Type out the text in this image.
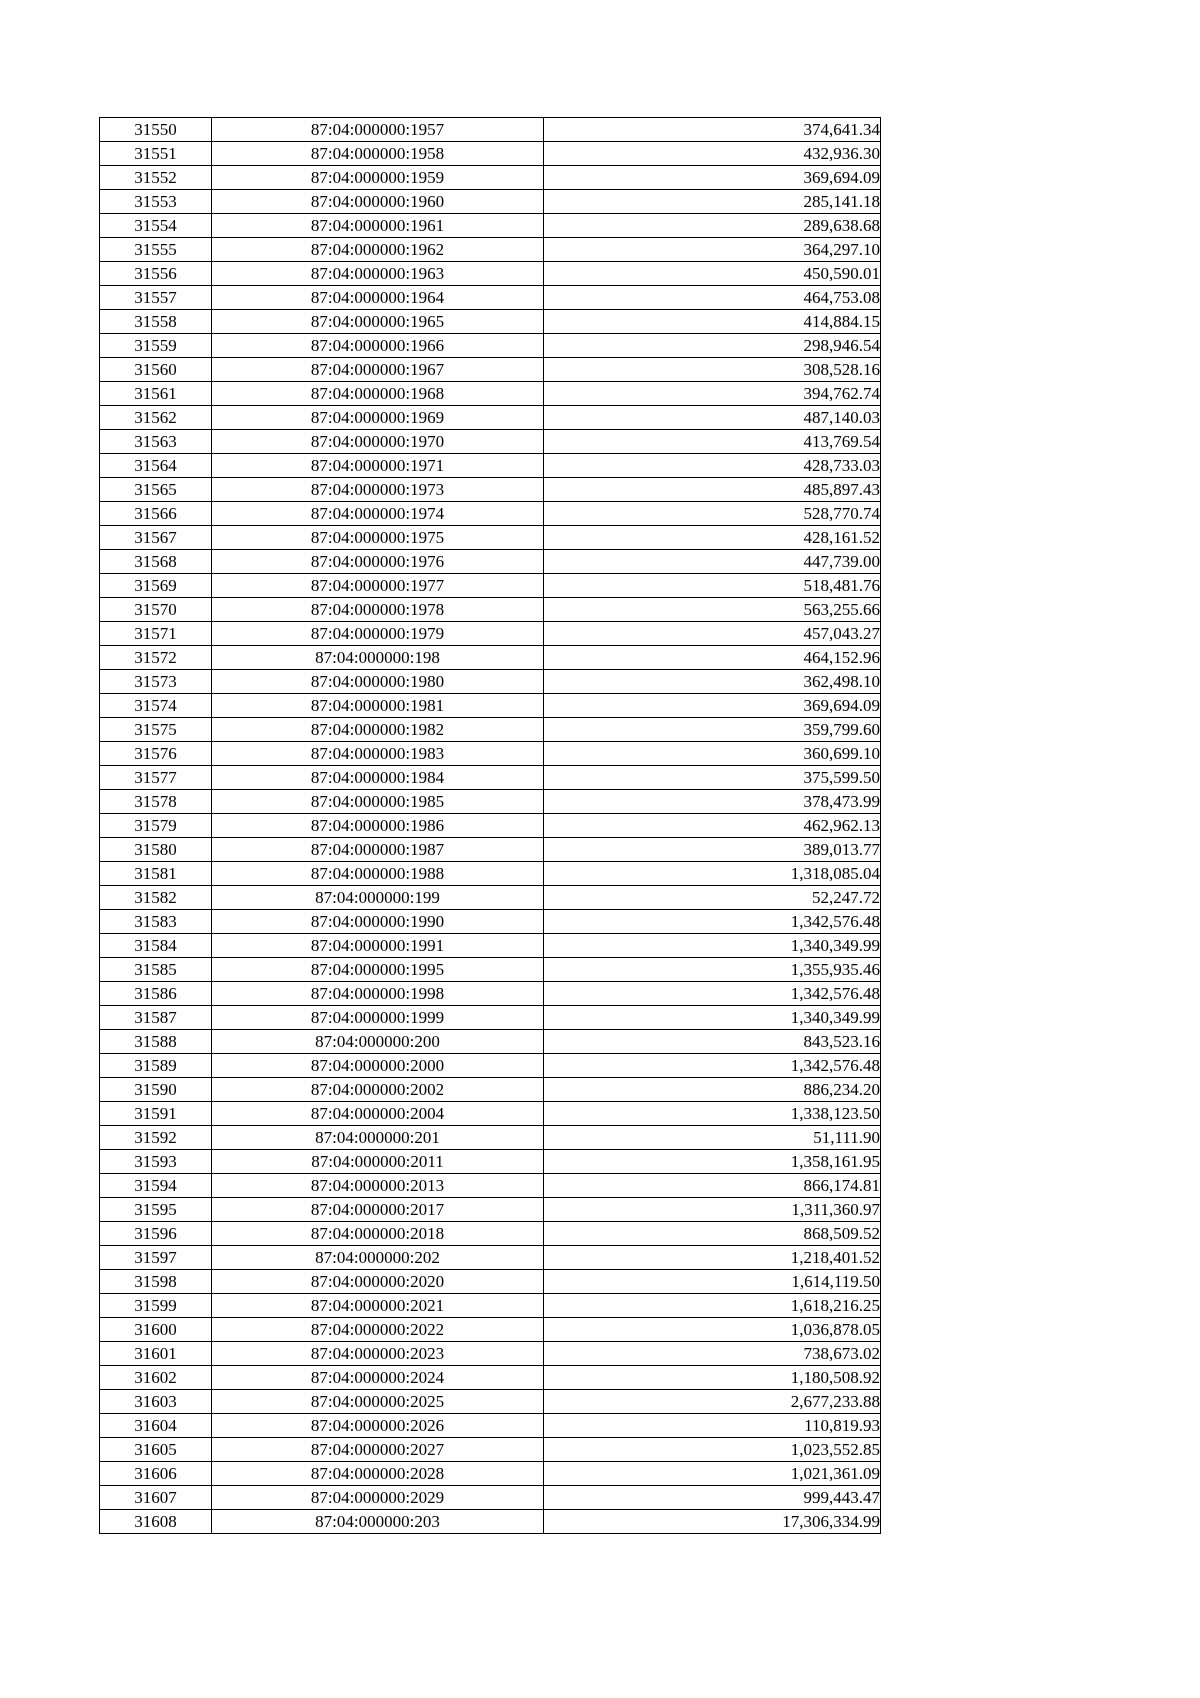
31550	87:04:000000:1957	374,641.34
31551	87:04:000000:1958	432,936.30
31552	87:04:000000:1959	369,694.09
31553	87:04:000000:1960	285,141.18
31554	87:04:000000:1961	289,638.68
31555	87:04:000000:1962	364,297.10
31556	87:04:000000:1963	450,590.01
31557	87:04:000000:1964	464,753.08
31558	87:04:000000:1965	414,884.15
31559	87:04:000000:1966	298,946.54
31560	87:04:000000:1967	308,528.16
31561	87:04:000000:1968	394,762.74
31562	87:04:000000:1969	487,140.03
31563	87:04:000000:1970	413,769.54
31564	87:04:000000:1971	428,733.03
31565	87:04:000000:1973	485,897.43
31566	87:04:000000:1974	528,770.74
31567	87:04:000000:1975	428,161.52
31568	87:04:000000:1976	447,739.00
31569	87:04:000000:1977	518,481.76
31570	87:04:000000:1978	563,255.66
31571	87:04:000000:1979	457,043.27
31572	87:04:000000:198	464,152.96
31573	87:04:000000:1980	362,498.10
31574	87:04:000000:1981	369,694.09
31575	87:04:000000:1982	359,799.60
31576	87:04:000000:1983	360,699.10
31577	87:04:000000:1984	375,599.50
31578	87:04:000000:1985	378,473.99
31579	87:04:000000:1986	462,962.13
31580	87:04:000000:1987	389,013.77
31581	87:04:000000:1988	1,318,085.04
31582	87:04:000000:199	52,247.72
31583	87:04:000000:1990	1,342,576.48
31584	87:04:000000:1991	1,340,349.99
31585	87:04:000000:1995	1,355,935.46
31586	87:04:000000:1998	1,342,576.48
31587	87:04:000000:1999	1,340,349.99
31588	87:04:000000:200	843,523.16
31589	87:04:000000:2000	1,342,576.48
31590	87:04:000000:2002	886,234.20
31591	87:04:000000:2004	1,338,123.50
31592	87:04:000000:201	51,111.90
31593	87:04:000000:2011	1,358,161.95
31594	87:04:000000:2013	866,174.81
31595	87:04:000000:2017	1,311,360.97
31596	87:04:000000:2018	868,509.52
31597	87:04:000000:202	1,218,401.52
31598	87:04:000000:2020	1,614,119.50
31599	87:04:000000:2021	1,618,216.25
31600	87:04:000000:2022	1,036,878.05
31601	87:04:000000:2023	738,673.02
31602	87:04:000000:2024	1,180,508.92
31603	87:04:000000:2025	2,677,233.88
31604	87:04:000000:2026	110,819.93
31605	87:04:000000:2027	1,023,552.85
31606	87:04:000000:2028	1,021,361.09
31607	87:04:000000:2029	999,443.47
31608	87:04:000000:203	17,306,334.99
